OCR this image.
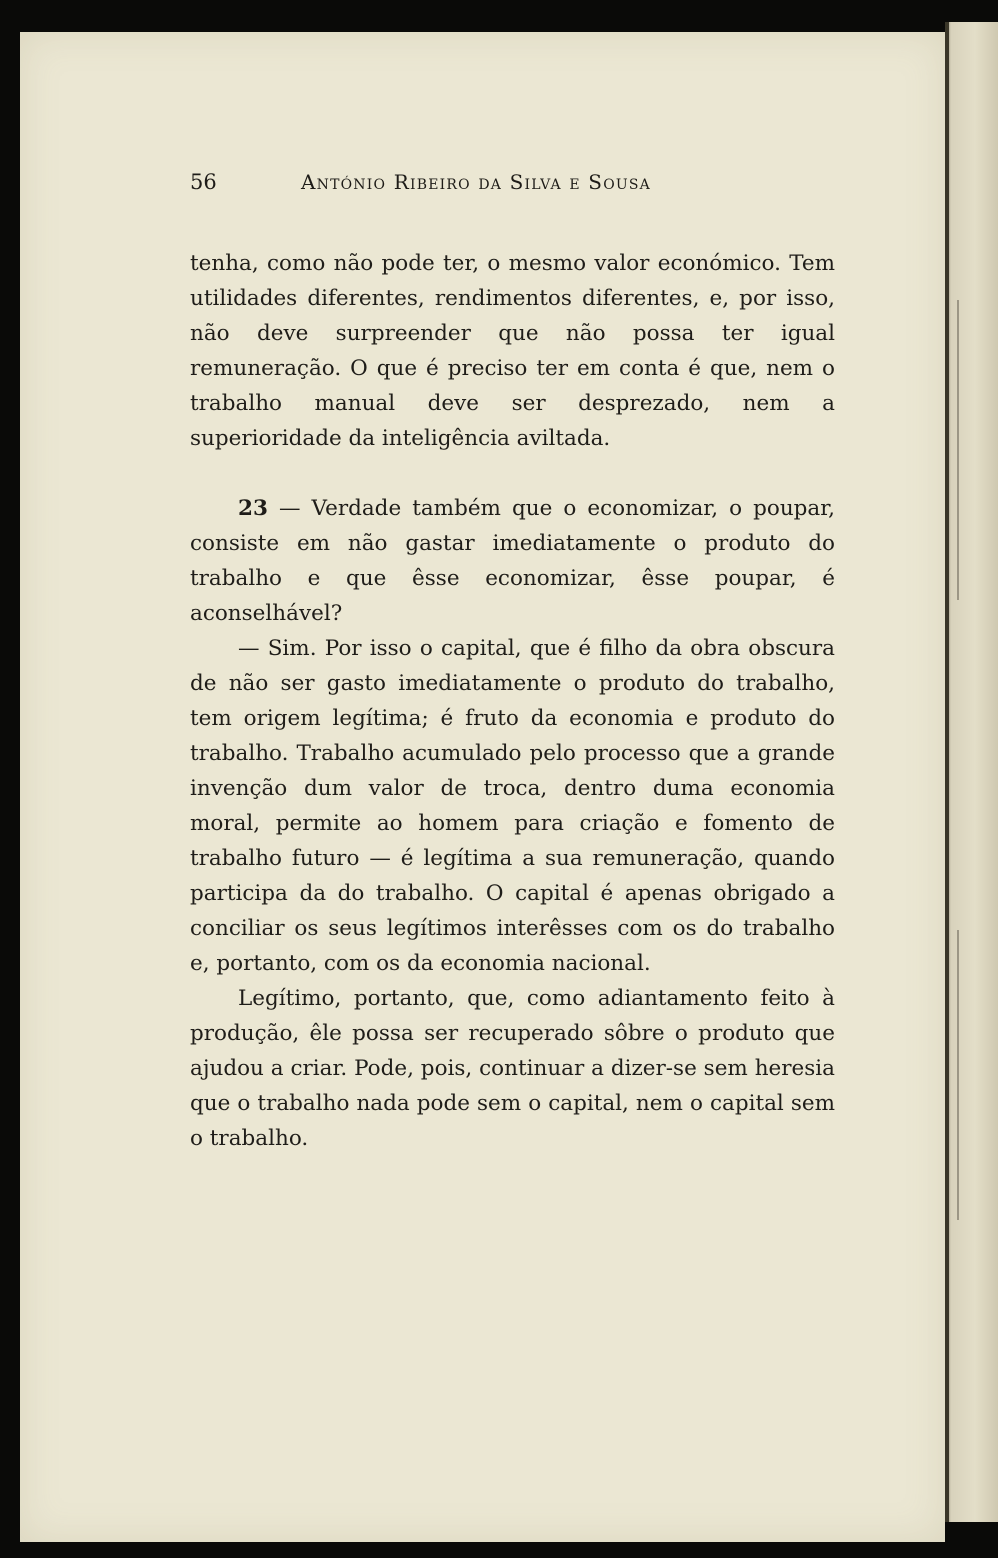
56	António Ribeiro da Silva e Sousa

tenha, como não pode ter, o mesmo valor económico. Tem utilidades diferentes, rendimentos diferentes, e, por isso, não deve surpreender que não possa ter igual remuneração. O que é preciso ter em conta é que, nem o trabalho manual deve ser desprezado, nem a superioridade da inteligência aviltada.

23 — Verdade também que o economizar, o poupar, consiste em não gastar imediatamente o produto do trabalho e que êsse economizar, êsse poupar, é aconselhável?

— Sim. Por isso o capital, que é filho da obra obscura de não ser gasto imediatamente o produto do trabalho, tem origem legítima; é fruto da economia e produto do trabalho. Trabalho acumulado pelo processo que a grande invenção dum valor de troca, dentro duma economia moral, permite ao homem para criação e fomento de trabalho futuro — é legítima a sua remuneração, quando participa da do trabalho. O capital é apenas obrigado a conciliar os seus legítimos interêsses com os do trabalho e, portanto, com os da economia nacional.

Legítimo, portanto, que, como adiantamento feito à produção, êle possa ser recuperado sôbre o produto que ajudou a criar. Pode, pois, continuar a dizer-se sem heresia que o trabalho nada pode sem o capital, nem o capital sem o trabalho.
